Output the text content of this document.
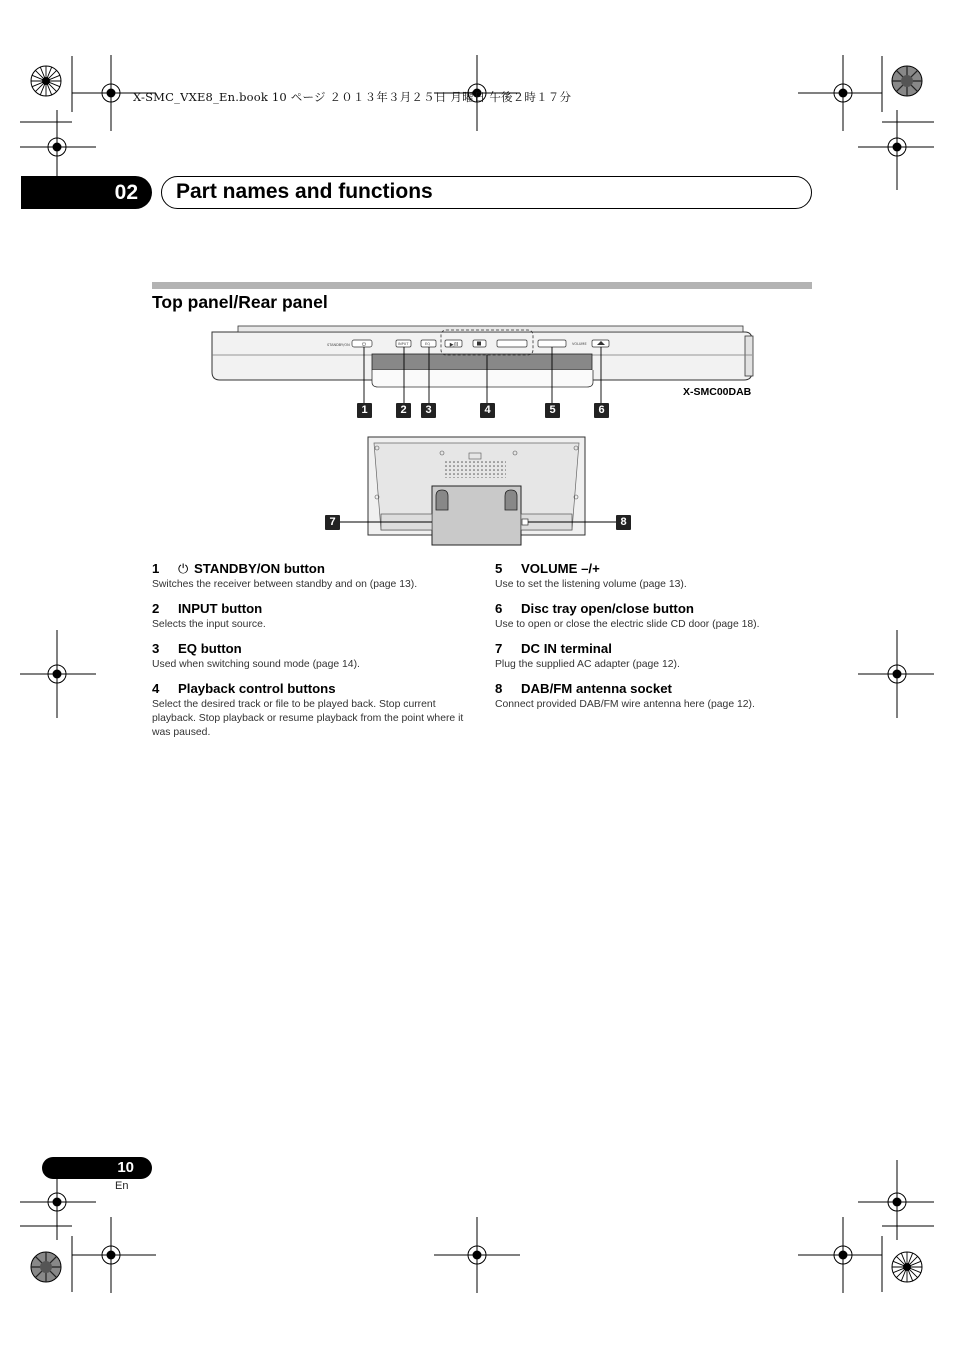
X-SMC_VXE8_En.book 10 ページ ２０１３年３月２５日 月曜日 午後２時１７分
02	Part names and functions
Top panel/Rear panel
⏻	▶/II
STANDBY/ON	INPUT	EQ	VOLUME
X-SMC00DAB
1	2	3	4	5	6
7	8
1 ⏻ STANDBY/ON button
Switches the receiver between standby and on (page 13).
2 INPUT button
Selects the input source.
3 EQ button
Used when switching sound mode (page 14).
4 Playback control buttons
Select the desired track or file to be played back. Stop current playback. Stop playback or resume playback from the point where it was paused.
5 VOLUME –/+
Use to set the listening volume (page 13).
6 Disc tray open/close button
Use to open or close the electric slide CD door (page 18).
7 DC IN terminal
Plug the supplied AC adapter (page 12).
8 DAB/FM antenna socket
Connect provided DAB/FM wire antenna here (page 12).
10
En
